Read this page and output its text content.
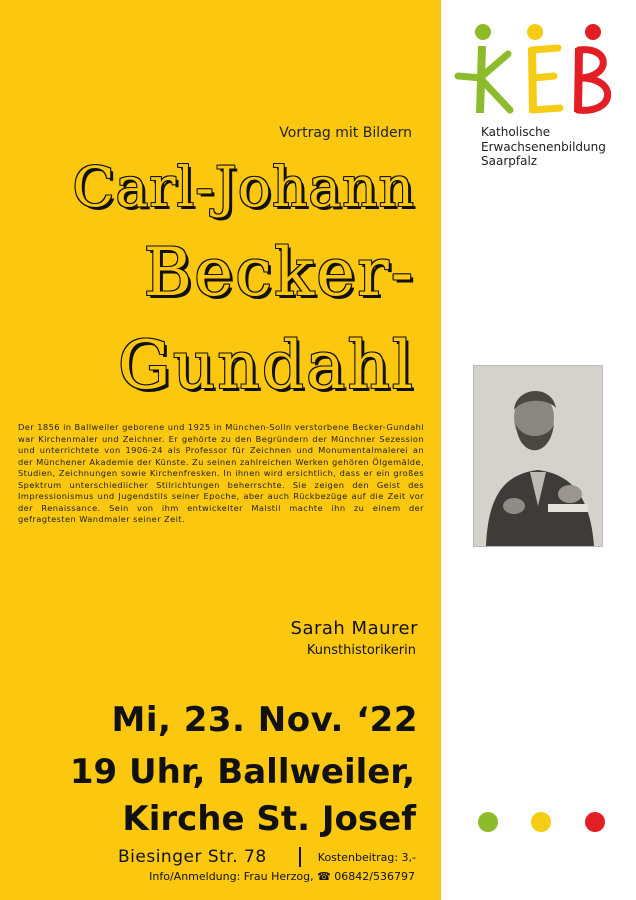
Vortrag mit Bildern
Carl-Johann
Becker-
Gundahl
Der 1856 in Ballweiler geborene und 1925 in München-Solln verstorbene Becker-Gundahl war Kirchenmaler und Zeichner. Er gehörte zu den Begründern der Münchner Sezession und unterrichtete von 1906-24 als Professor für Zeichnen und Monumentalmalerei an der Münchener Akademie der Künste. Zu seinen zahlreichen Werken gehören Ölgemälde, Studien, Zeichnungen sowie Kirchenfresken. In ihnen wird ersichtlich, dass er ein großes Spektrum unterschiedlicher Stilrichtungen beherrschte. Sie zeigen den Geist des Impressionismus und Jugendstils seiner Epoche, aber auch Rückbezüge auf die Zeit vor der Renaissance. Sein von ihm entwickelter Malstil machte ihn zu einem der gefragtesten Wandmaler seiner Zeit.
Sarah Maurer
Kunsthistorikerin
Mi, 23. Nov. ‘22
19 Uhr, Ballweiler,
Kirche St. Josef
Biesinger Str. 78	Kostenbeitrag: 3,-
Info/Anmeldung: Frau Herzog, ☎ 06842/536797
Katholische
Erwachsenenbildung
Saarpfalz
